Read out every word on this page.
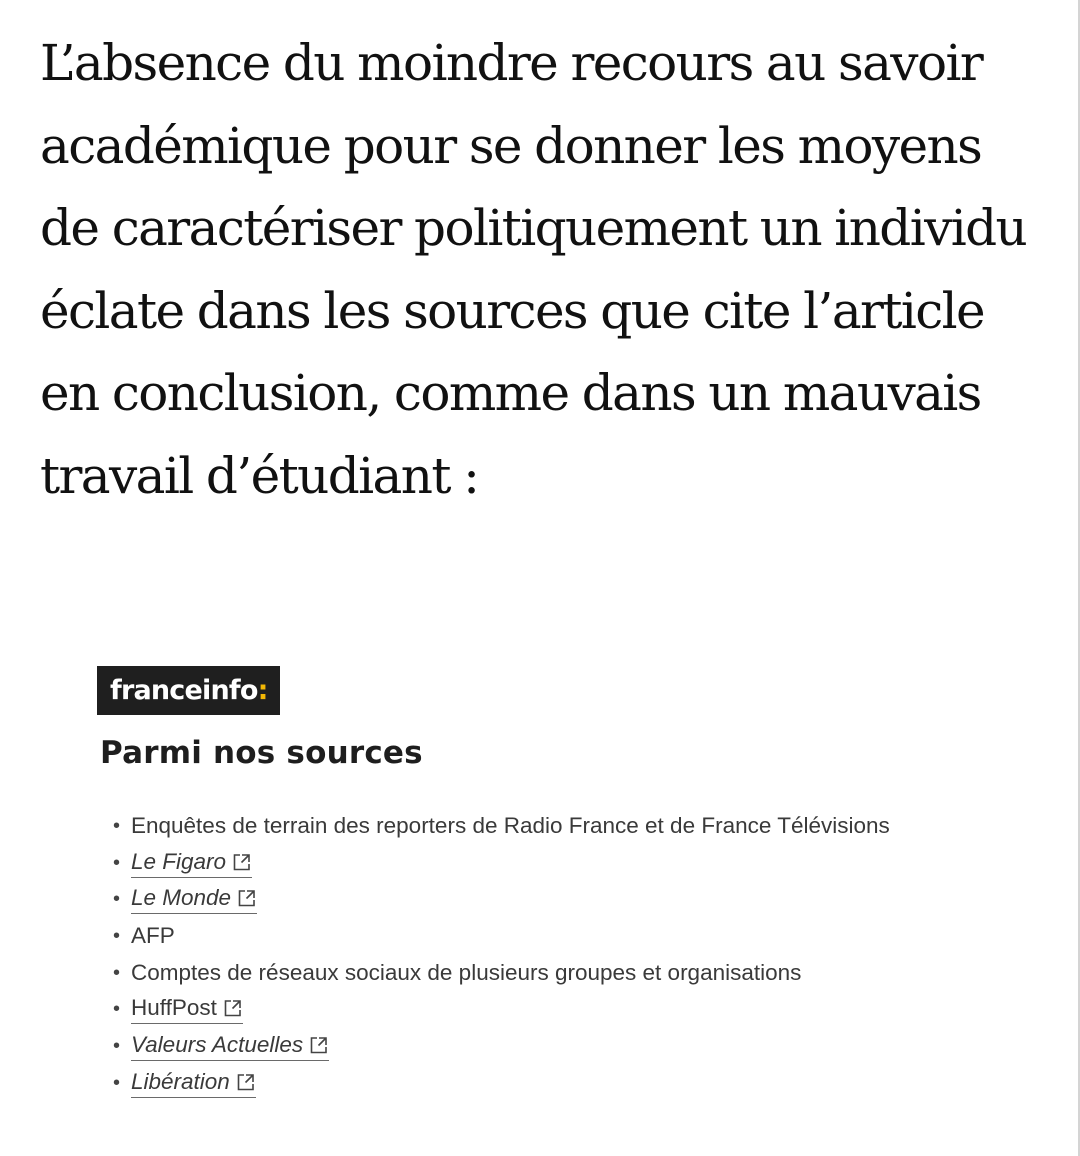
L’absence du moindre recours au savoir académique pour se donner les moyens de caractériser politiquement un individu éclate dans les sources que cite l’article en conclusion, comme dans un mauvais travail d’étudiant :

franceinfo:
Parmi nos sources
• Enquêtes de terrain des reporters de Radio France et de France Télévisions
• Le Figaro
• Le Monde
• AFP
• Comptes de réseaux sociaux de plusieurs groupes et organisations
• HuffPost
• Valeurs Actuelles
• Libération
